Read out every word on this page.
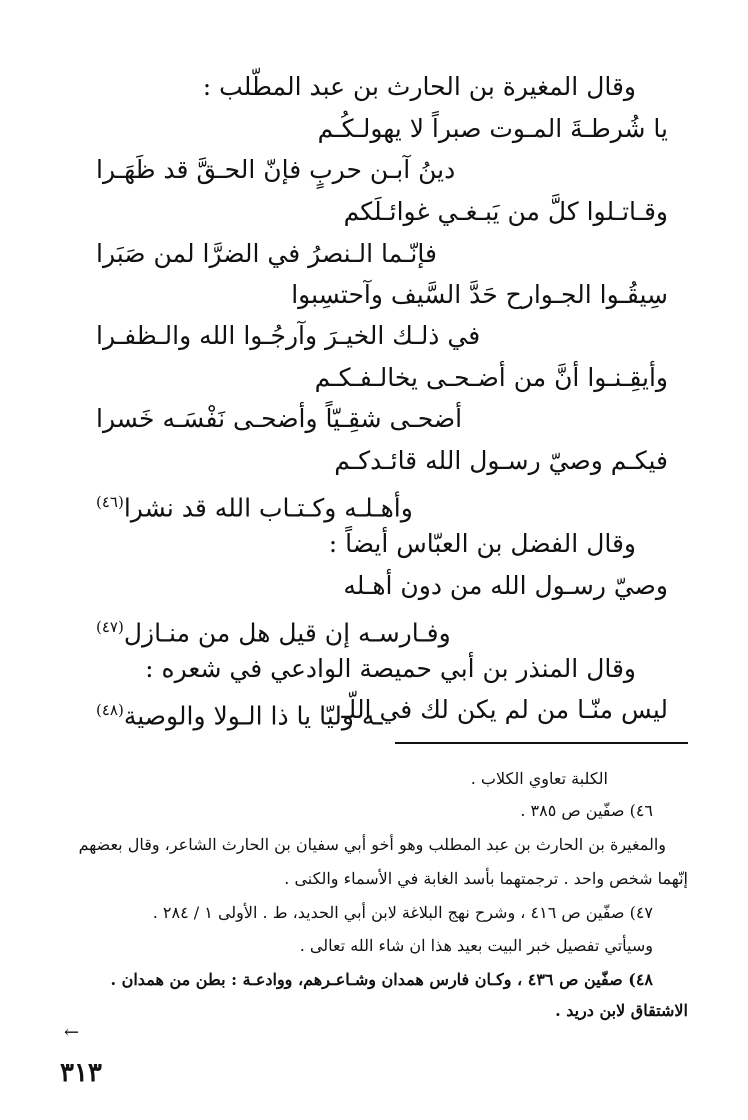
وقال المغيرة بن الحارث بن عبد المطّلب :
يا شُرطـةَ المـوت صبراً لا يهولـكُـم
دينُ آبـن حربٍ فإنّ الحـقَّ قد ظَهَـرا
وقـاتـلوا كلَّ من يَبـغـي غوائـلَكم
فإنّـما الـنصرُ في الضرَّا لمن صَبَرا
سِيقُـوا الجـوارح حَدَّ السَّيف وآحتسِبوا
في ذلـك الخيـرَ وآرجُـوا الله والـظفـرا
وأيقِـنـوا أنَّ من أضـحـى يخالـفـكـم
أضحـى شقِـيّاً وأضحـى نَفْسَـه خَسرا
فيكـم وصيّ رسـول الله قائـدكـم
وأهـلـه وكـتـاب الله قد نشرا$^{(٤٦)}$
وقال الفضل بن العبّاس أيضاً :
وصيّ رسـول الله من دون أهـله
وفـارسـه إن قيل هل من منـازل$^{(٤٧)}$
وقال المنذر بن أبي حميصة الوادعي في شعره :
ليس منّـا من لم يكن لك في اللّـ
ـه وليّا يا ذا الـولا والوصية$^{(٤٨)}$
الكلبة تعاوي الكلاب .
٤٦) صفّين ص ٣٨٥ .
والمغيرة بن الحارث بن عبد المطلب وهو أخو أبي سفيان بن الحارث الشاعر، وقال بعضهم
إنّهما شخص واحد . ترجمتهما بأسد الغابة في الأسماء والكنى .
٤٧) صفّين ص ٤١٦ ، وشرح نهج البلاغة لابن أبي الحديد، ط . الأولى ١ / ٢٨٤ .
وسيأتي تفصيل خبر البيت بعيد هذا ان شاء الله تعالى .
٤٨) صفّين ص ٤٣٦ ، وكـان فارس همدان وشـاعـرهم، ووادعـة : بطن من همدان .
الاشتقاق لابن دريد .
←
٣١٣
